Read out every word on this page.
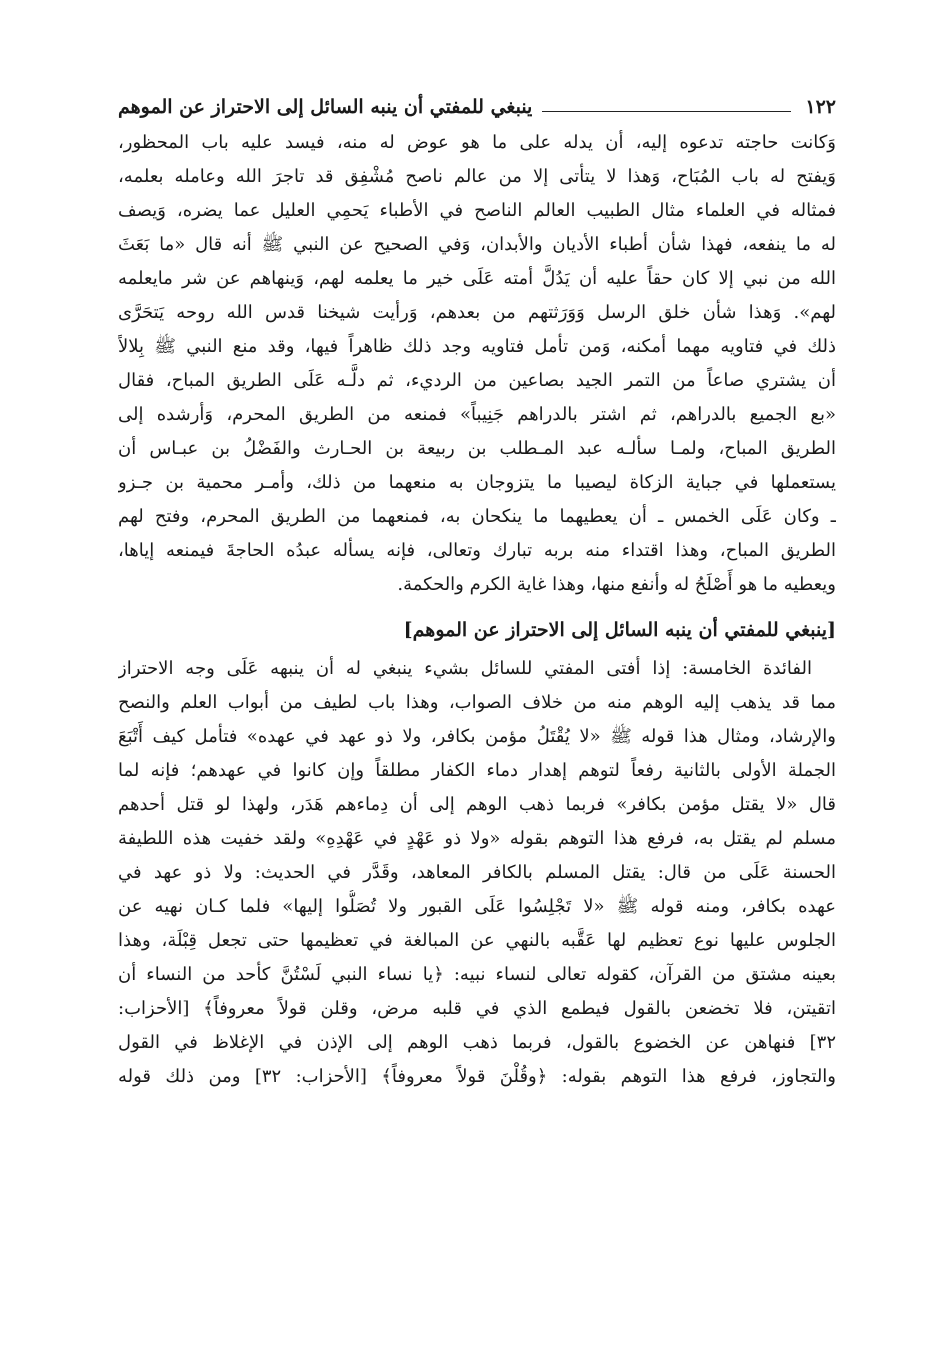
١٢٢
ينبغي للمفتي أن ينبه السائل إلى الاحتراز عن الموهم
وَكانت حاجته تدعوه إليه، أن يدله على ما هو عوض له منه، فيسد عليه باب المحظور،
وَيفتح له باب المُبَاح، وَهذا لا يتأتى إلا من عالم ناصح مُشْفِق قد تاجرَ الله وعامله بعلمه،
فمثاله في العلماء مثال الطبيب العالم الناصح في الأطباء يَحمِي العليل عما يضره، وَيصف
له ما ينفعه، فهذا شأن أطباء الأديان والأبدان، وَفي الصحيح عن النبي ﷺ أنه قال «ما بَعَثَ
الله من نبي إلا كان حقاً عليه أن يَدُلَّ أمته عَلَى خير ما يعلمه لهم، وَينهاهم عن شر مايعلمه
لهم». وَهذا شأن خلق الرسل وَوَرَثتهم من بعدهم، وَرأيت شيخنا قدس الله روحه يَتحَرَّى
ذلك في فتاويه مهما أمكنه، وَمن تأمل فتاويه وجد ذلك ظاهراً فيها، وقد منع النبي ﷺ بِلالاً
أن يشتري صاعاً من التمر الجيد بصاعين من الرديء، ثم دلَّـه عَلَى الطريق المباح، فقال
«بع الجميع بالدراهم، ثم اشتر بالدراهم جَنِيباً» فمنعه من الطريق المحرم، وَأرشده إلى
الطريق المباح، ولمـا سألـه عبد المـطلب بن ربيعة بن الحـارث والفَضْلُ بن عبـاس أن
يستعملها في جباية الزكاة ليصيبا ما يتزوجان به منعهما من ذلك، وأمـر محمية بن جـزو
ـ وكان عَلَى الخمس ـ أن يعطيهما ما ينكحان به، فمنعهما من الطريق المحرم، وفتح لهم
الطريق المباح، وهذا اقتداء منه بربه تبارك وتعالى، فإنه يسأله عبدُه الحاجةَ فيمنعه إياها،
ويعطيه ما هو أَصْلَحُ له وأنفع منها، وهذا غاية الكرم والحكمة.
[ينبغي للمفتي أن ينبه السائل إلى الاحتراز عن الموهم]
الفائدة الخامسة: إذا أفتى المفتي للسائل بشيء ينبغي له أن ينبهه عَلَى وجه الاحتراز
مما قد يذهب إليه الوهم منه من خلاف الصواب، وهذا باب لطيف من أبواب العلم والنصح
والإرشاد، ومثال هذا قوله ﷺ «لا يُقْتَلُ مؤمن بكافر، ولا ذو عهد في عهده» فتأمل كيف أَتْبَعَ
الجملة الأولى بالثانية رفعاً لتوهم إهدار دماء الكفار مطلقاً وإن كانوا في عهدهم؛ فإنه لما
قال «لا يقتل مؤمن بكافر» فربما ذهب الوهم إلى أن دِماءهم هَدَر، ولهذا لو قتل أحدهم
مسلم لم يقتل به، فرفع هذا التوهم بقوله «ولا ذو عَهْدٍ في عَهْدِهِ» ولقد خفيت هذه اللطيفة
الحسنة عَلَى من قال: يقتل المسلم بالكافر المعاهد، وقَدَّر في الحديث: ولا ذو عهد في
عهده بكافر، ومنه قوله ﷺ «لا تَجْلِسُوا عَلَى القبور ولا تُصَلُّوا إليها» فلما كـان نهيه عن
الجلوس عليها نوع تعظيم لها عَقَّبه بالنهي عن المبالغة في تعظيمها حتى تجعل قِبْلَة، وهذا
بعينه مشتق من القرآن، كقوله تعالى لنساء نبيه: ﴿يا نساء النبي لَسْتُنَّ كأحد من النساء أن
اتقيتن، فلا تخضعن بالقول فيطمع الذي في قلبه مرض، وقلن قولاً معروفاً﴾ [الأحزاب:
٣٢] فنهاهن عن الخضوع بالقول، فربما ذهب الوهم إلى الإذن في الإغلاظ في القول
والتجاوز، فرفع هذا التوهم بقوله: ﴿وقُلْنَ قولاً معروفاً﴾ [الأحزاب: ٣٢] ومن ذلك قوله
